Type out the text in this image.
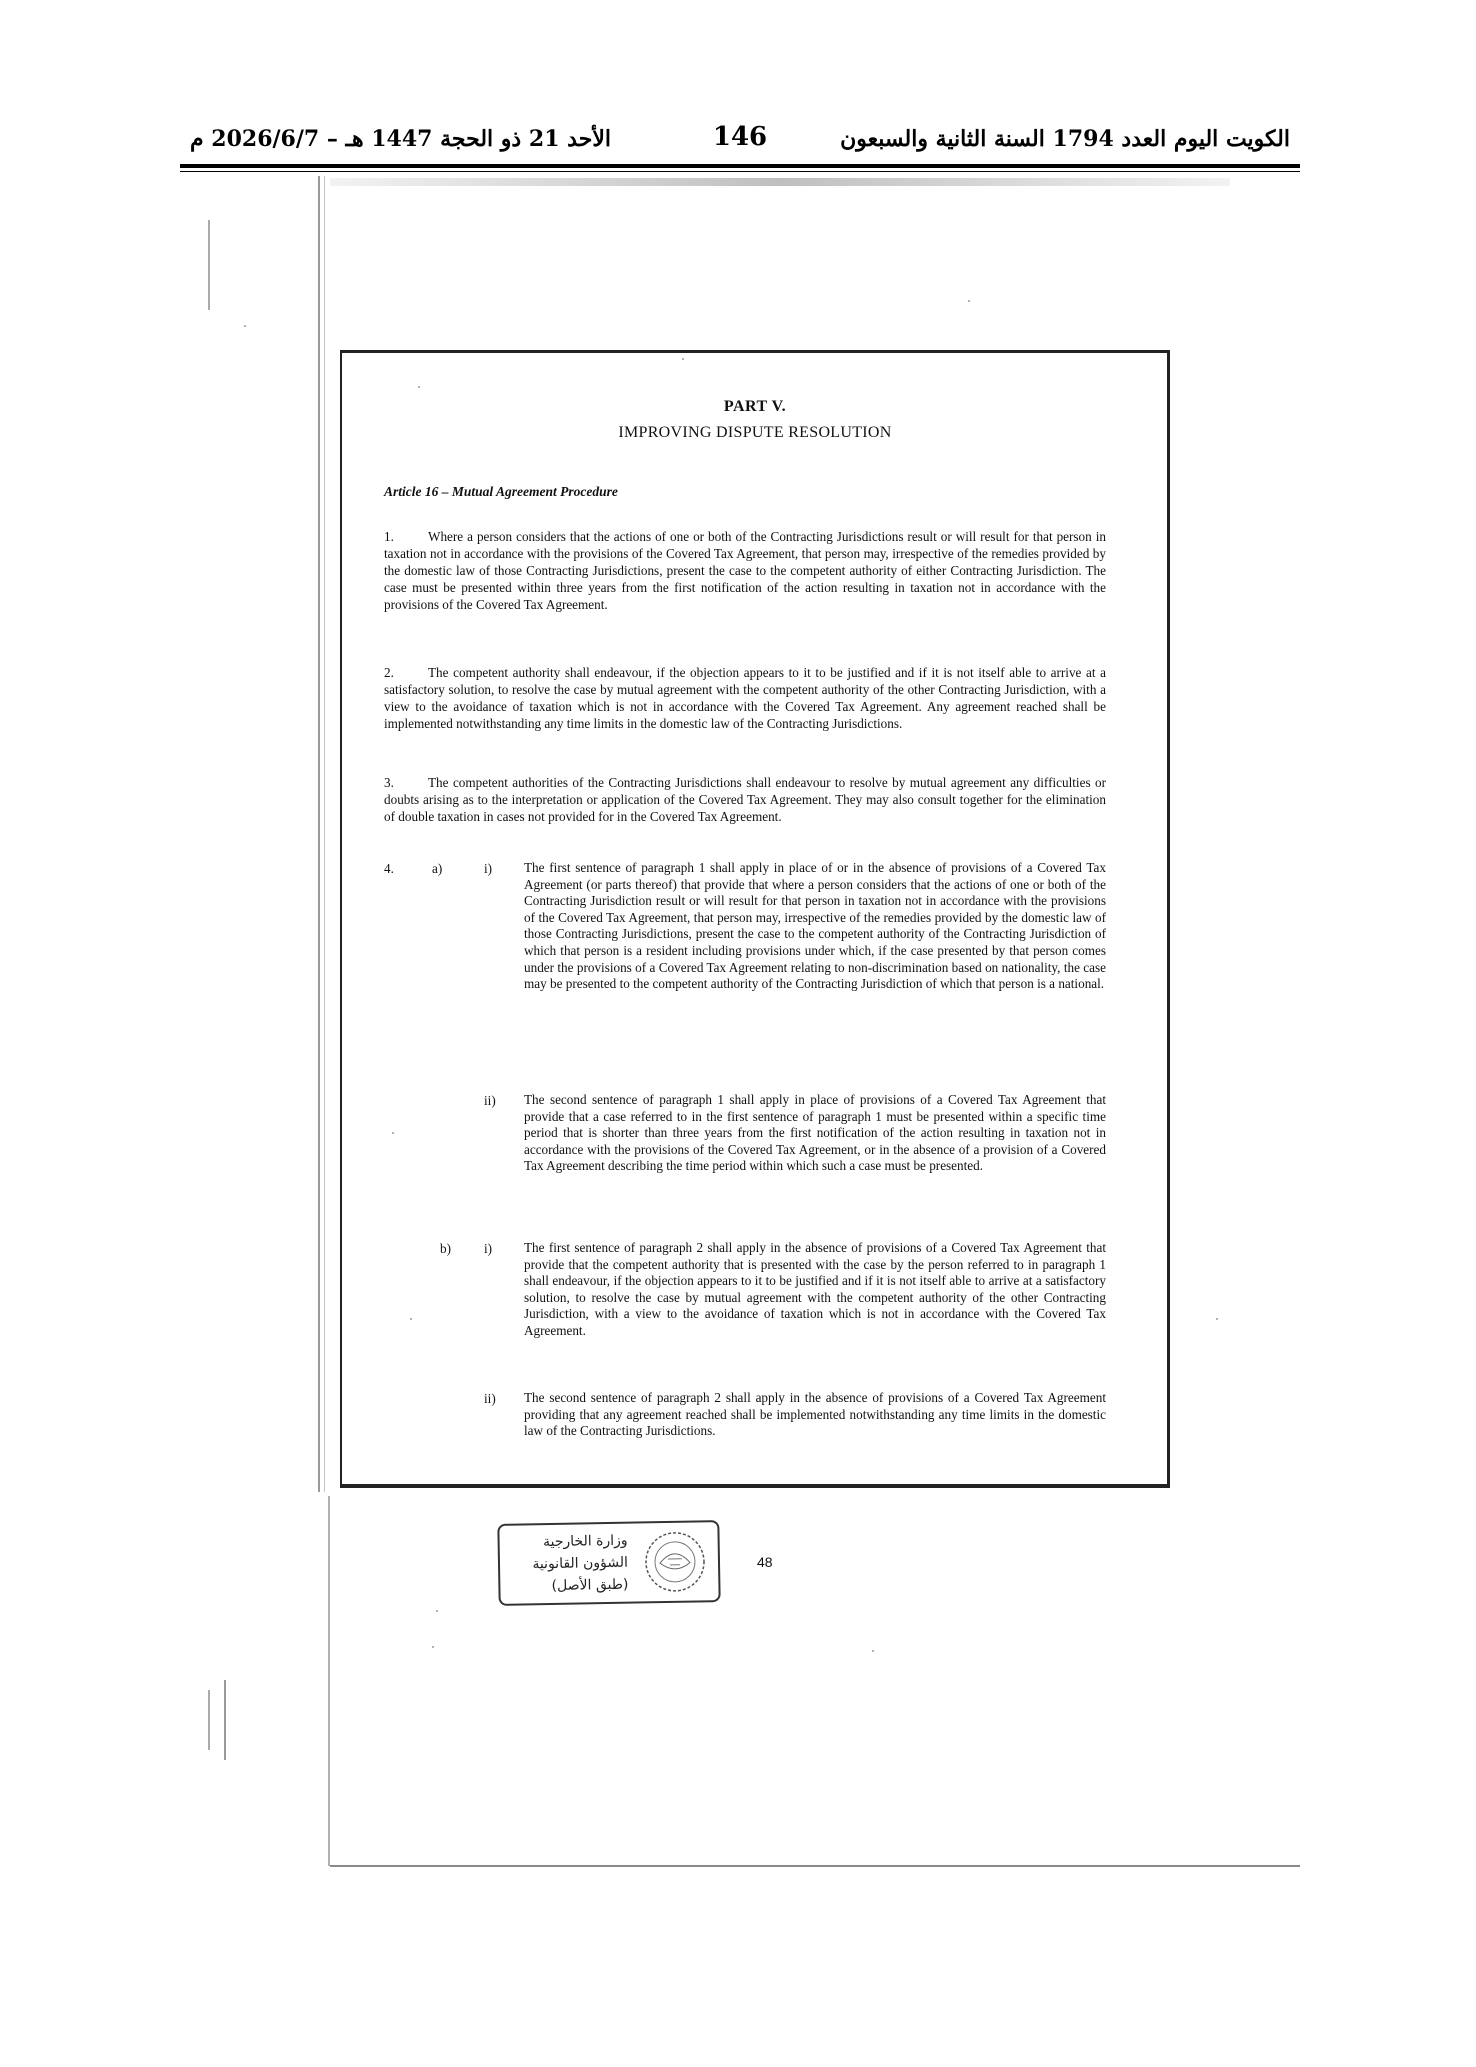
الأحد 21 ذو الحجة 1447 هـ – 2026/6/7 م	146	الكويت اليوم العدد 1794 السنة الثانية والسبعون
PART V.
IMPROVING DISPUTE RESOLUTION
Article 16 – Mutual Agreement Procedure
1.	Where a person considers that the actions of one or both of the Contracting Jurisdictions result or will result for that person in taxation not in accordance with the provisions of the Covered Tax Agreement, that person may, irrespective of the remedies provided by the domestic law of those Contracting Jurisdictions, present the case to the competent authority of either Contracting Jurisdiction. The case must be presented within three years from the first notification of the action resulting in taxation not in accordance with the provisions of the Covered Tax Agreement.
2.	The competent authority shall endeavour, if the objection appears to it to be justified and if it is not itself able to arrive at a satisfactory solution, to resolve the case by mutual agreement with the competent authority of the other Contracting Jurisdiction, with a view to the avoidance of taxation which is not in accordance with the Covered Tax Agreement. Any agreement reached shall be implemented notwithstanding any time limits in the domestic law of the Contracting Jurisdictions.
3.	The competent authorities of the Contracting Jurisdictions shall endeavour to resolve by mutual agreement any difficulties or doubts arising as to the interpretation or application of the Covered Tax Agreement. They may also consult together for the elimination of double taxation in cases not provided for in the Covered Tax Agreement.
4.	a)	i) The first sentence of paragraph 1 shall apply in place of or in the absence of provisions of a Covered Tax Agreement (or parts thereof) that provide that where a person considers that the actions of one or both of the Contracting Jurisdiction result or will result for that person in taxation not in accordance with the provisions of the Covered Tax Agreement, that person may, irrespective of the remedies provided by the domestic law of those Contracting Jurisdictions, present the case to the competent authority of the Contracting Jurisdiction of which that person is a resident including provisions under which, if the case presented by that person comes under the provisions of a Covered Tax Agreement relating to non-discrimination based on nationality, the case may be presented to the competent authority of the Contracting Jurisdiction of which that person is a national.
ii) The second sentence of paragraph 1 shall apply in place of provisions of a Covered Tax Agreement that provide that a case referred to in the first sentence of paragraph 1 must be presented within a specific time period that is shorter than three years from the first notification of the action resulting in taxation not in accordance with the provisions of the Covered Tax Agreement, or in the absence of a provision of a Covered Tax Agreement describing the time period within which such a case must be presented.
b)	i) The first sentence of paragraph 2 shall apply in the absence of provisions of a Covered Tax Agreement that provide that the competent authority that is presented with the case by the person referred to in paragraph 1 shall endeavour, if the objection appears to it to be justified and if it is not itself able to arrive at a satisfactory solution, to resolve the case by mutual agreement with the competent authority of the other Contracting Jurisdiction, with a view to the avoidance of taxation which is not in accordance with the Covered Tax Agreement.
ii) The second sentence of paragraph 2 shall apply in the absence of provisions of a Covered Tax Agreement providing that any agreement reached shall be implemented notwithstanding any time limits in the domestic law of the Contracting Jurisdictions.
وزارة الخارجية
الشؤون القانونية
(طبق الأصل)
48
